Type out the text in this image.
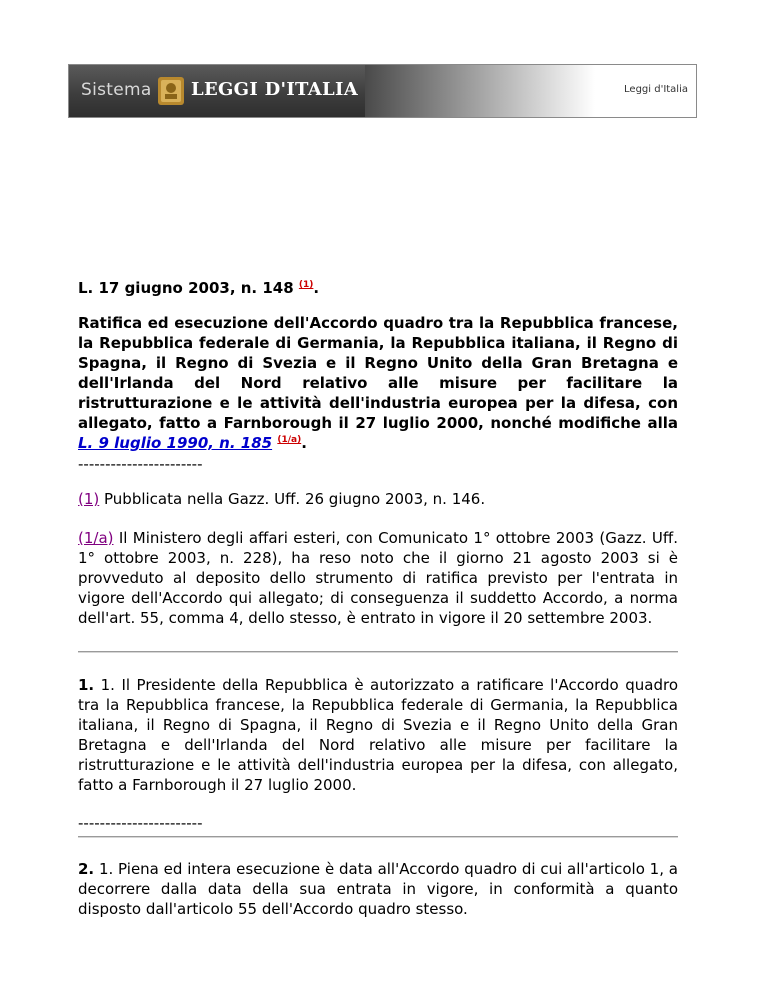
Sistema LEGGI D'ITALIA	Leggi d'Italia
L. 17 giugno 2003, n. 148 $^{(1)}$.
Ratifica ed esecuzione dell'Accordo quadro tra la Repubblica francese, la Repubblica federale di Germania, la Repubblica italiana, il Regno di Spagna, il Regno di Svezia e il Regno Unito della Gran Bretagna e dell'Irlanda del Nord relativo alle misure per facilitare la ristrutturazione e le attività dell'industria europea per la difesa, con allegato, fatto a Farnborough il 27 luglio 2000, nonché modifiche alla L. 9 luglio 1990, n. 185 $^{(1/a)}$.
-----------------------
(1) Pubblicata nella Gazz. Uff. 26 giugno 2003, n. 146.
(1/a) Il Ministero degli affari esteri, con Comunicato 1° ottobre 2003 (Gazz. Uff. 1° ottobre 2003, n. 228), ha reso noto che il giorno 21 agosto 2003 si è provveduto al deposito dello strumento di ratifica previsto per l'entrata in vigore dell'Accordo qui allegato; di conseguenza il suddetto Accordo, a norma dell'art. 55, comma 4, dello stesso, è entrato in vigore il 20 settembre 2003.
1. 1. Il Presidente della Repubblica è autorizzato a ratificare l'Accordo quadro tra la Repubblica francese, la Repubblica federale di Germania, la Repubblica italiana, il Regno di Spagna, il Regno di Svezia e il Regno Unito della Gran Bretagna e dell'Irlanda del Nord relativo alle misure per facilitare la ristrutturazione e le attività dell'industria europea per la difesa, con allegato, fatto a Farnborough il 27 luglio 2000.
-----------------------
2. 1. Piena ed intera esecuzione è data all'Accordo quadro di cui all'articolo 1, a decorrere dalla data della sua entrata in vigore, in conformità a quanto disposto dall'articolo 55 dell'Accordo quadro stesso.
